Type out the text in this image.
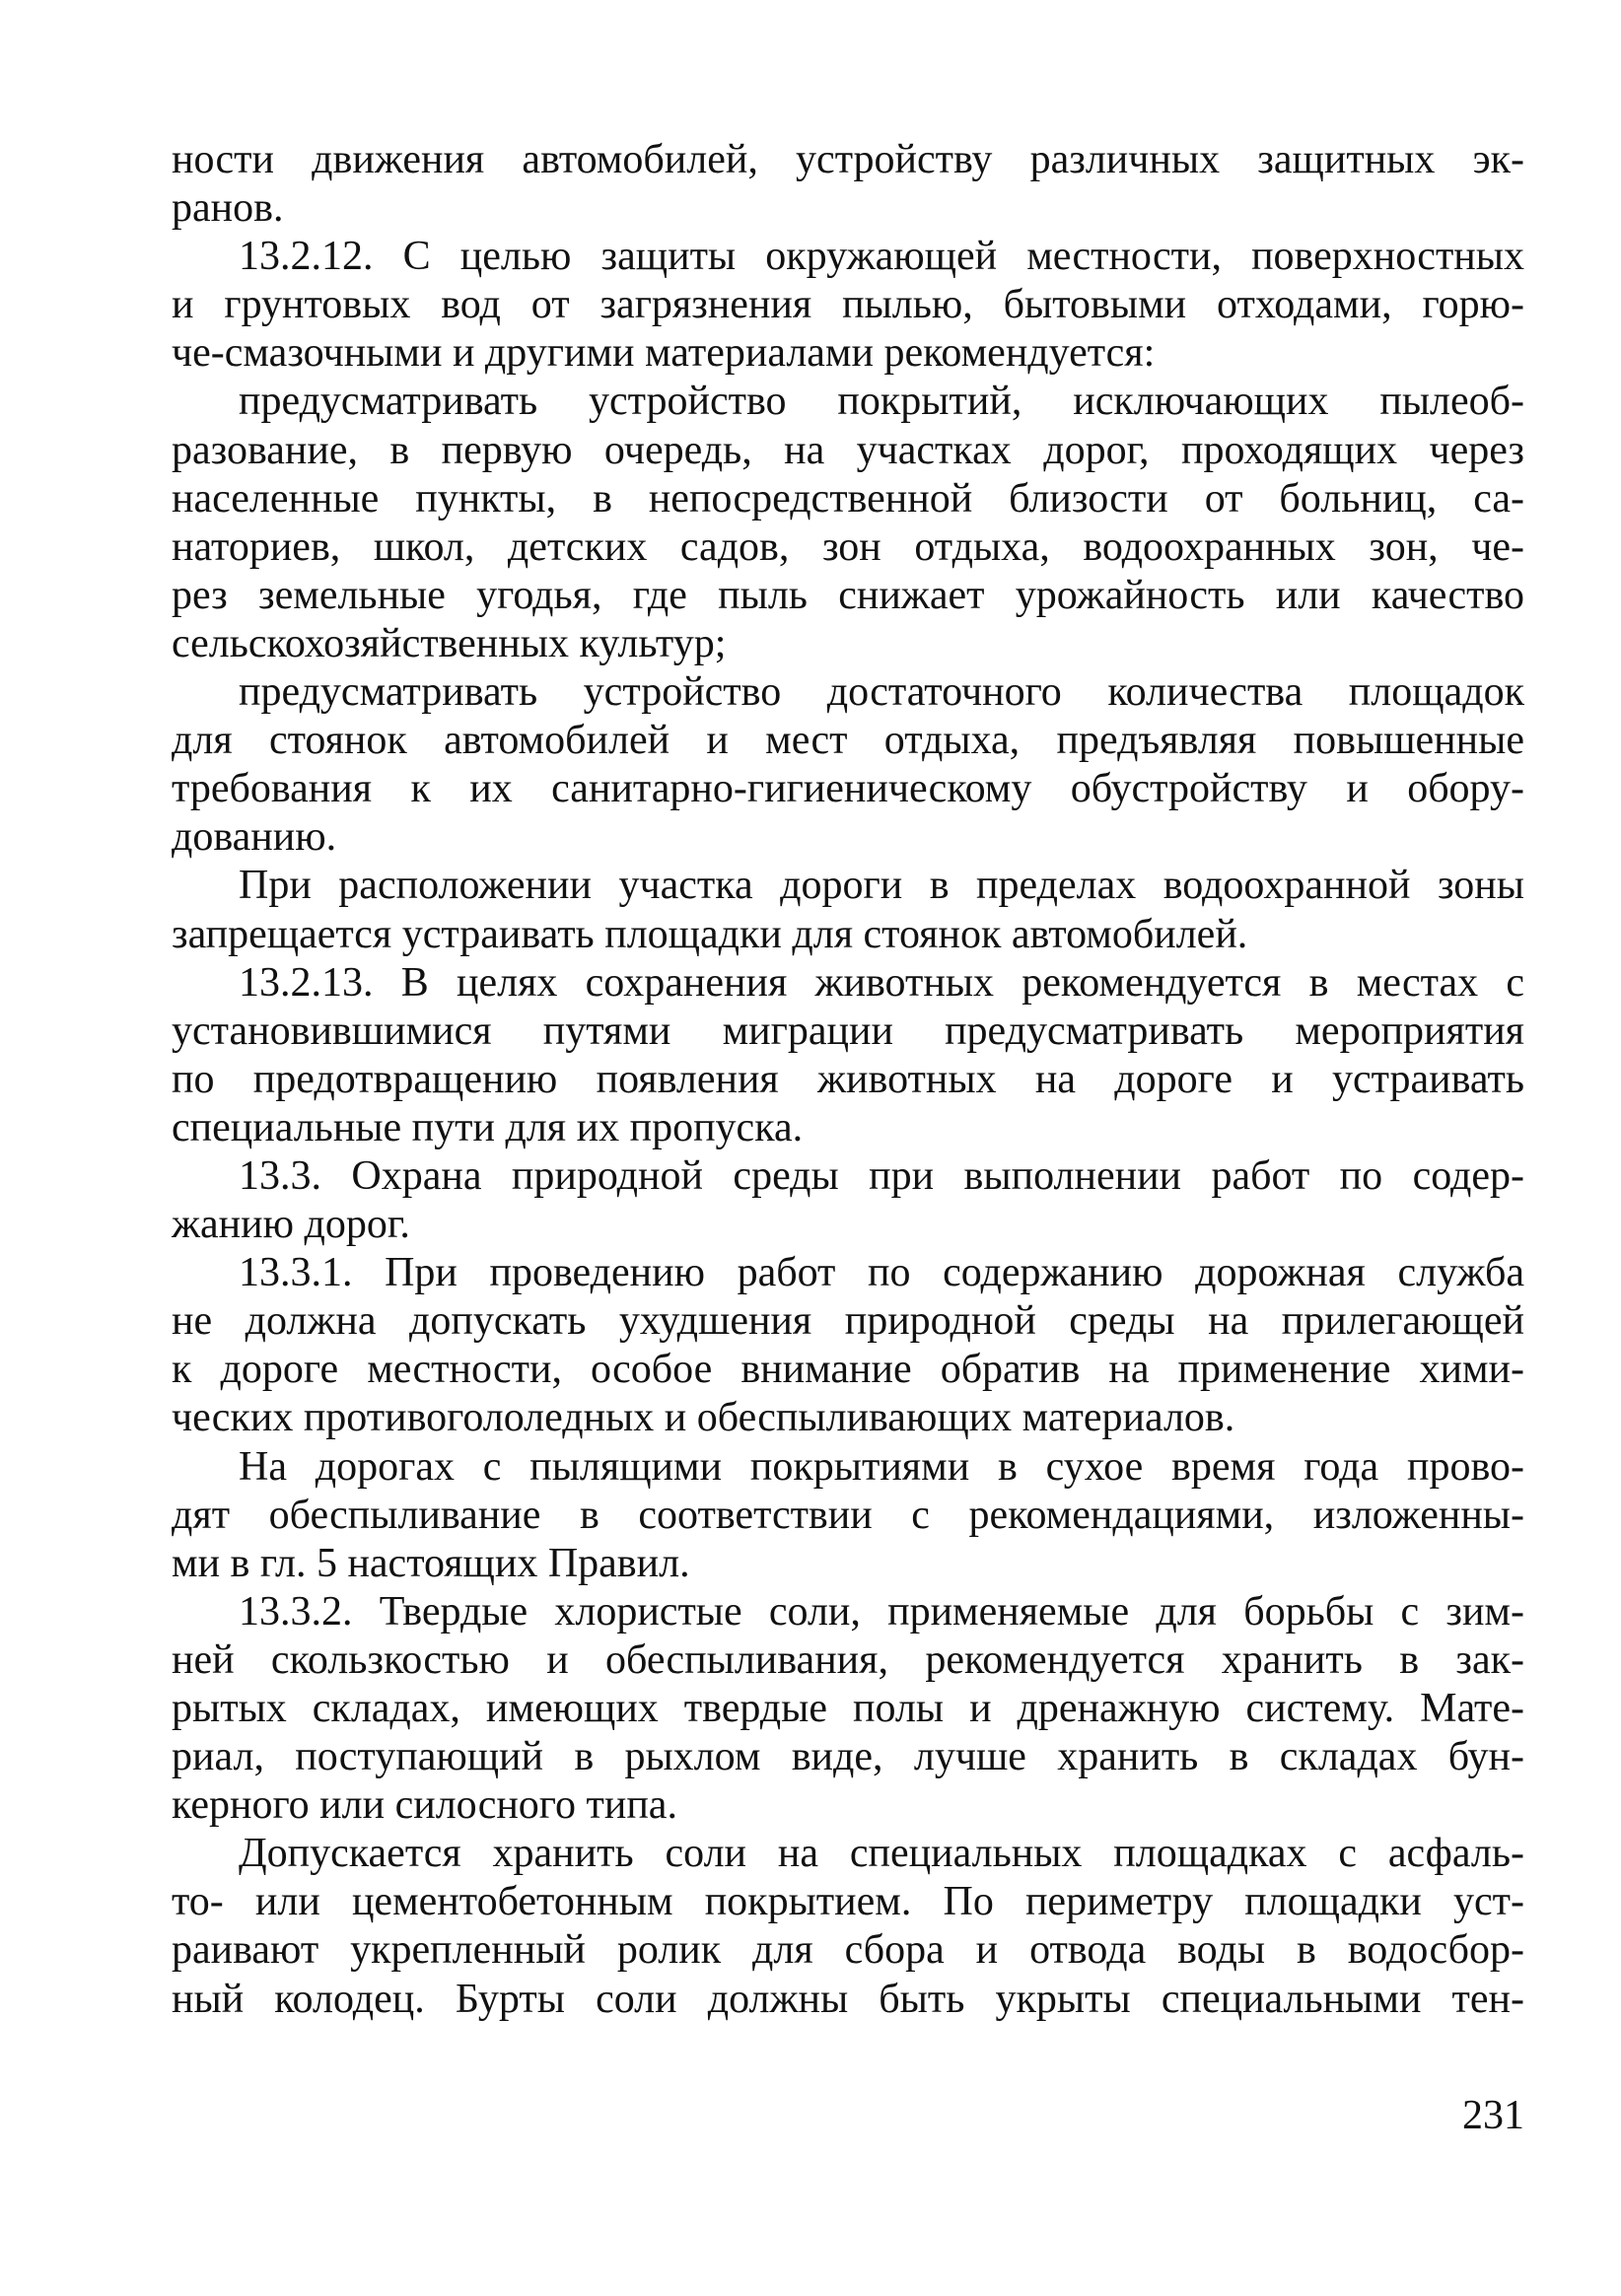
ности движения автомобилей, устройству различных защитных эк-
ранов.
13.2.12. С целью защиты окружающей местности, поверхностных
и грунтовых вод от загрязнения пылью, бытовыми отходами, горю-
че-смазочными и другими материалами рекомендуется:
предусматривать устройство покрытий, исключающих пылеоб-
разование, в первую очередь, на участках дорог, проходящих через
населенные пункты, в непосредственной близости от больниц, са-
наториев, школ, детских садов, зон отдыха, водоохранных зон, че-
рез земельные угодья, где пыль снижает урожайность или качество
сельскохозяйственных культур;
предусматривать устройство достаточного количества площадок
для стоянок автомобилей и мест отдыха, предъявляя повышенные
требования к их санитарно-гигиеническому обустройству и обору-
дованию.
При расположении участка дороги в пределах водоохранной зоны
запрещается устраивать площадки для стоянок автомобилей.
13.2.13. В целях сохранения животных рекомендуется в местах с
установившимися путями миграции предусматривать мероприятия
по предотвращению появления животных на дороге и устраивать
специальные пути для их пропуска.
13.3. Охрана природной среды при выполнении работ по содер-
жанию дорог.
13.3.1. При проведению работ по содержанию дорожная служба
не должна допускать ухудшения природной среды на прилегающей
к дороге местности, особое внимание обратив на применение хими-
ческих противогололедных и обеспыливающих материалов.
На дорогах с пылящими покрытиями в сухое время года прово-
дят обеспыливание в соответствии с рекомендациями, изложенны-
ми в гл. 5 настоящих Правил.
13.3.2. Твердые хлористые соли, применяемые для борьбы с зим-
ней скользкостью и обеспыливания, рекомендуется хранить в зак-
рытых складах, имеющих твердые полы и дренажную систему. Мате-
риал, поступающий в рыхлом виде, лучше хранить в складах бун-
керного или силосного типа.
Допускается хранить соли на специальных площадках с асфаль-
то- или цементобетонным покрытием. По периметру площадки уст-
раивают укрепленный ролик для сбора и отвода воды в водосбор-
ный колодец. Бурты соли должны быть укрыты специальными тен-
231
